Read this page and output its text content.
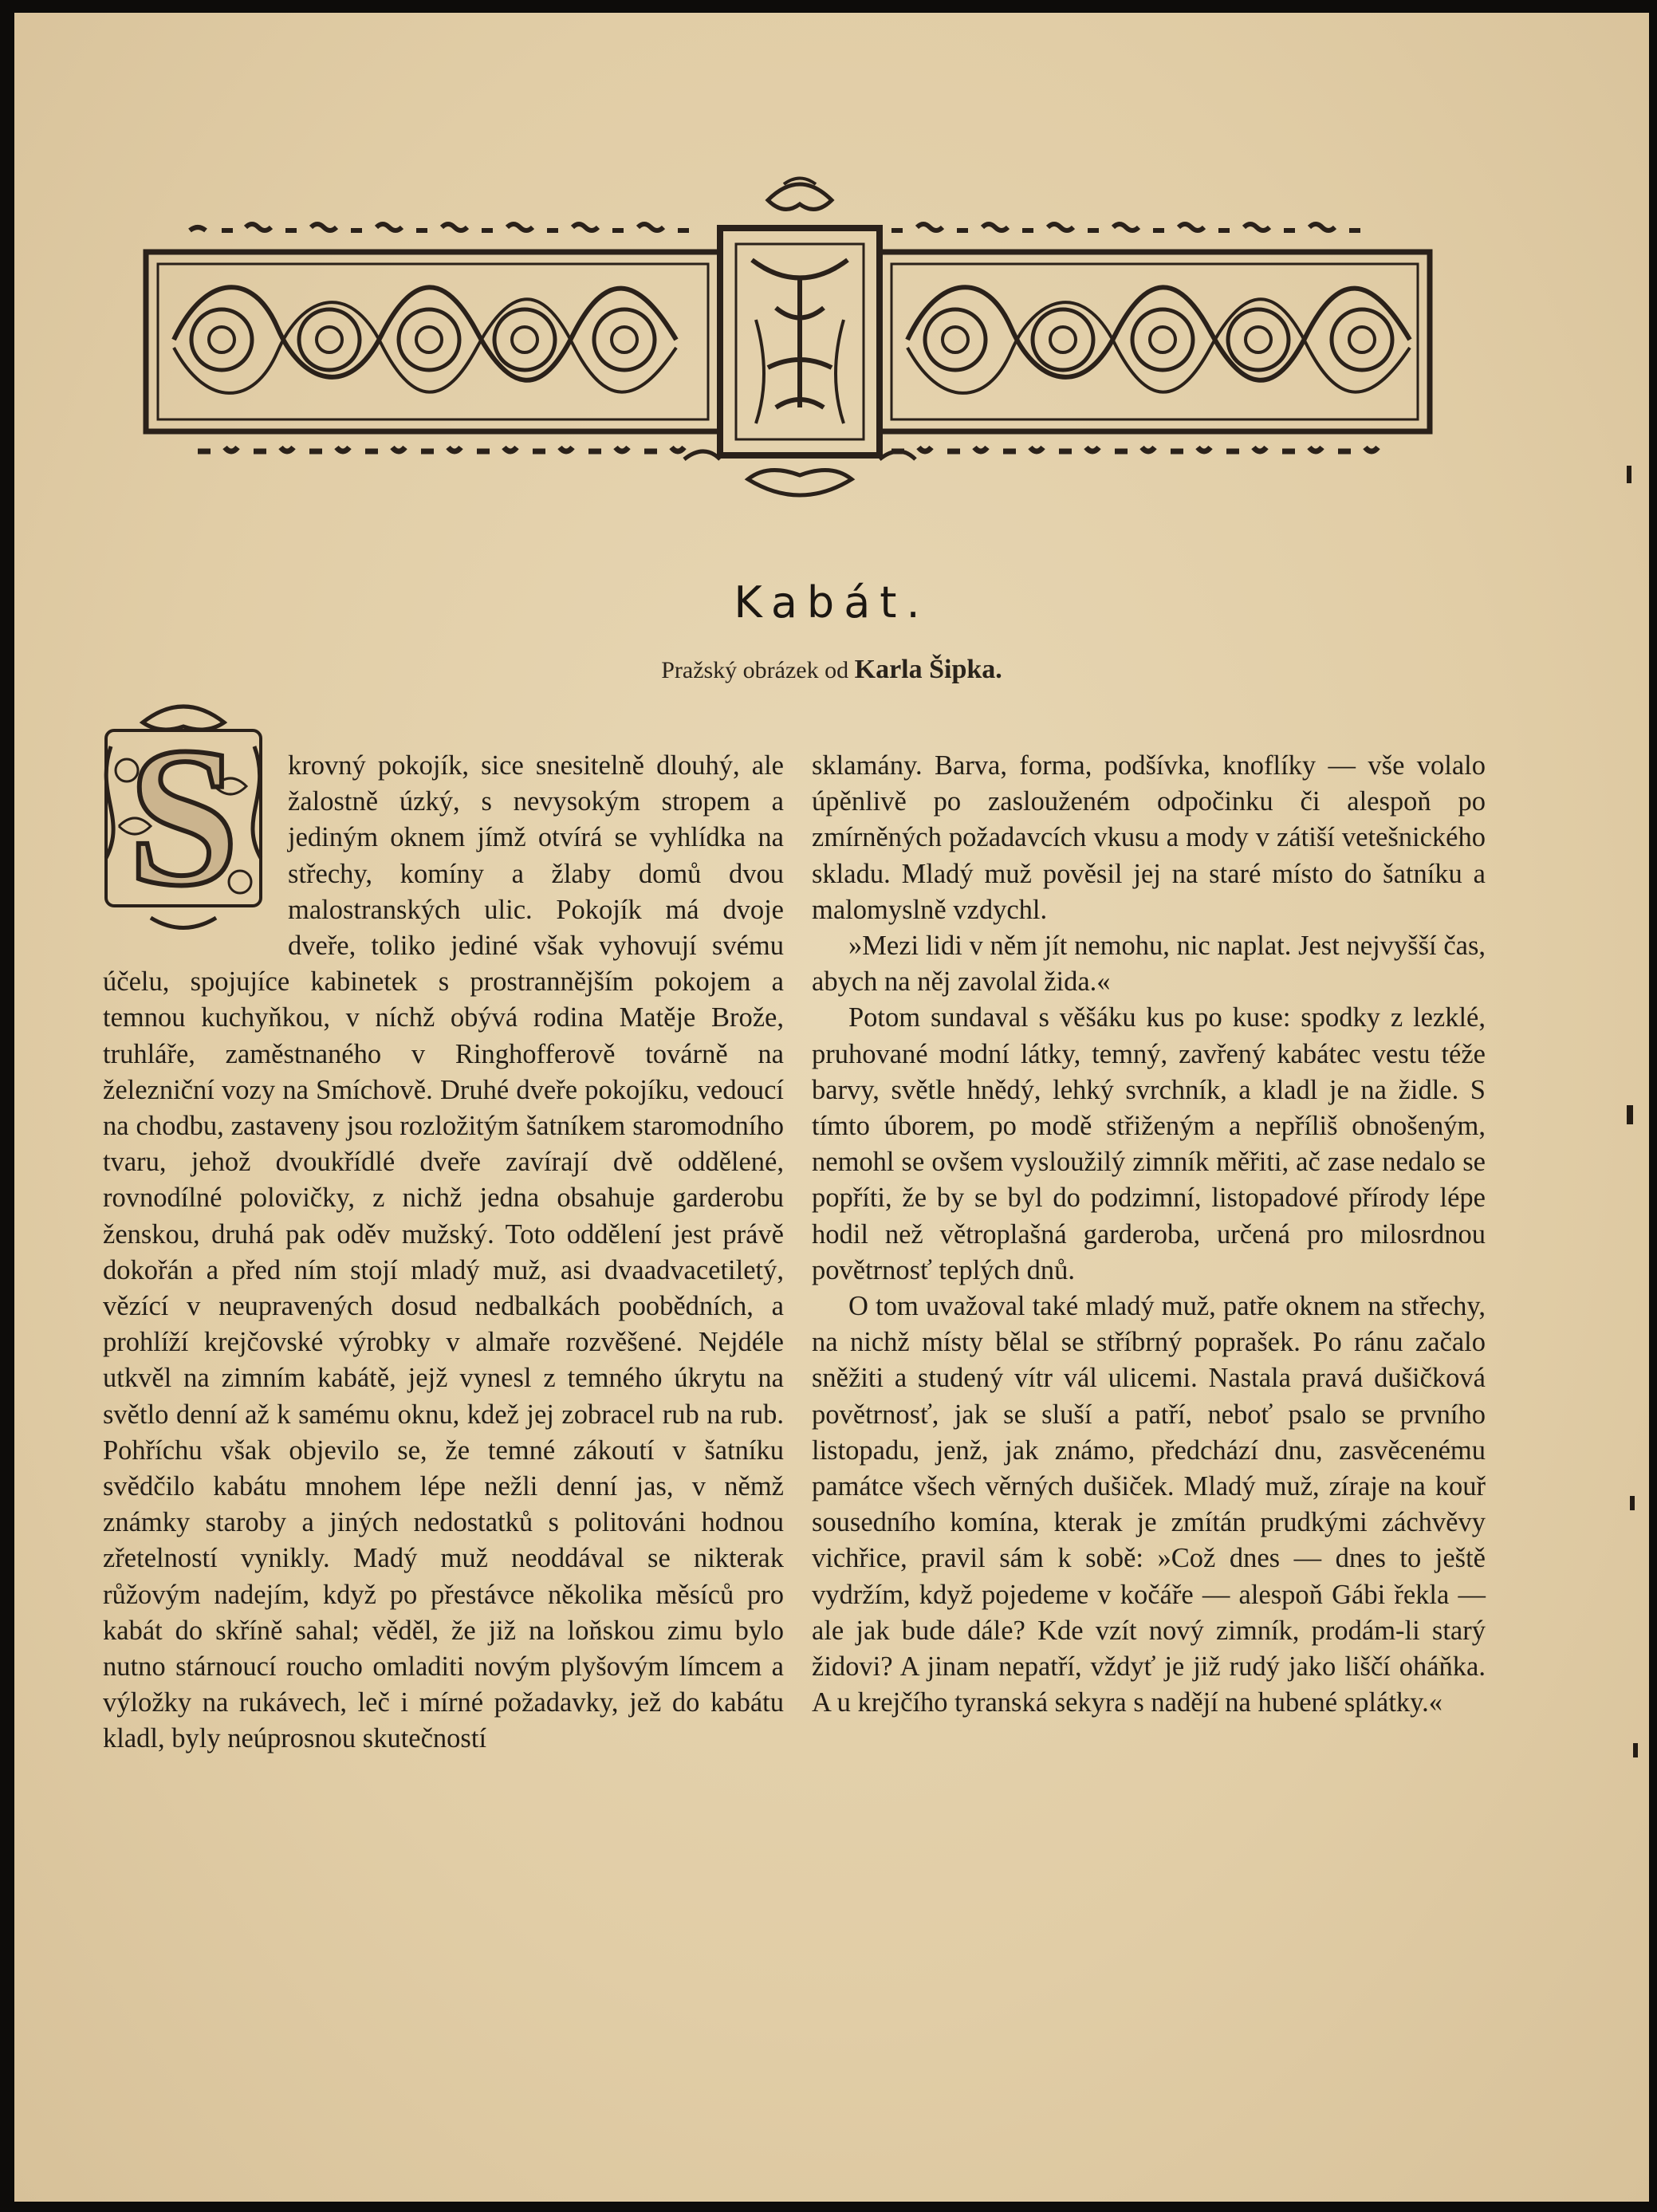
Kabát.
Pražský obrázek od Karla Šipka.
S	krovný pokojík, sice snesitelně dlouhý, ale žalostně úzký, s nevysokým stropem a jediným oknem jímž otvírá se vyhlídka na střechy, komíny a žlaby domů dvou malostranských ulic. Pokojík má dvoje dveře, toliko jediné však vyhovují svému účelu, spojujíce kabinetek s prostrannějším pokojem a temnou kuchyňkou, v níchž obývá rodina Matěje Brože, truhláře, zaměstnaného v Ringhofferově továrně na železniční vozy na Smíchově. Druhé dveře pokojíku, vedoucí na chodbu, zastaveny jsou rozložitým šatníkem staromodního tvaru, jehož dvoukřídlé dveře zavírají dvě oddělené, rovnodílné polovičky, z nichž jedna obsahuje garderobu ženskou, druhá pak oděv mužský. Toto oddělení jest právě dokořán a před ním stojí mladý muž, asi dvaadvacetiletý, vězící v neupravených dosud nedbalkách poobědních, a prohlíží krejčovské výrobky v almaře rozvěšené. Nejdéle utkvěl na zimním kabátě, jejž vynesl z temného úkrytu na světlo denní až k samému oknu, kdež jej zobracel rub na rub. Pohříchu však objevilo se, že temné zákoutí v šatníku svědčilo kabátu mnohem lépe nežli denní jas, v němž známky staroby a jiných nedostatků s politováni hodnou zřetelností vynikly. Madý muž neoddával se nikterak růžovým nadejím, když po přestávce několika měsíců pro kabát do skříně sahal; věděl, že již na loňskou zimu bylo nutno stárnoucí roucho omladiti novým plyšovým límcem a výložky na rukávech, leč i mírné požadavky, jež do kabátu kladl, byly neúprosnou skutečností

sklamány. Barva, forma, podšívka, knoflíky — vše volalo úpěnlivě po zaslouženém odpočinku či alespoň po zmírněných požadavcích vkusu a mody v zátiší vetešnického skladu. Mladý muž pověsil jej na staré místo do šatníku a malomyslně vzdychl.

»Mezi lidi v něm jít nemohu, nic naplat. Jest nejvyšší čas, abych na něj zavolal žida.«

Potom sundaval s věšáku kus po kuse: spodky z lezklé, pruhované modní látky, temný, zavřený kabátec vestu téže barvy, světle hnědý, lehký svrchník, a kladl je na židle. S tímto úborem, po modě střiženým a nepříliš obnošeným, nemohl se ovšem vysloužilý zimník měřiti, ač zase nedalo se popříti, že by se byl do podzimní, listopadové přírody lépe hodil než větroplašná garderoba, určená pro milosrdnou povětrnosť teplých dnů.

O tom uvažoval také mladý muž, patře oknem na střechy, na nichž místy bělal se stříbrný poprašek. Po ránu začalo sněžiti a studený vítr vál ulicemi. Nastala pravá dušičková povětrnosť, jak se sluší a patří, neboť psalo se prvního listopadu, jenž, jak známo, předchází dnu, zasvěcenému památce všech věrných dušiček. Mladý muž, zíraje na kouř sousedního komína, kterak je zmítán prudkými záchvěvy vichřice, pravil sám k sobě: »Což dnes — dnes to ještě vydržím, když pojedeme v kočáře — alespoň Gábi řekla — ale jak bude dále? Kde vzít nový zimník, prodám-li starý židovi? A jinam nepatří, vždyť je již rudý jako liščí oháňka. A u krejčího tyranská sekyra s nadějí na hubené splátky.«
